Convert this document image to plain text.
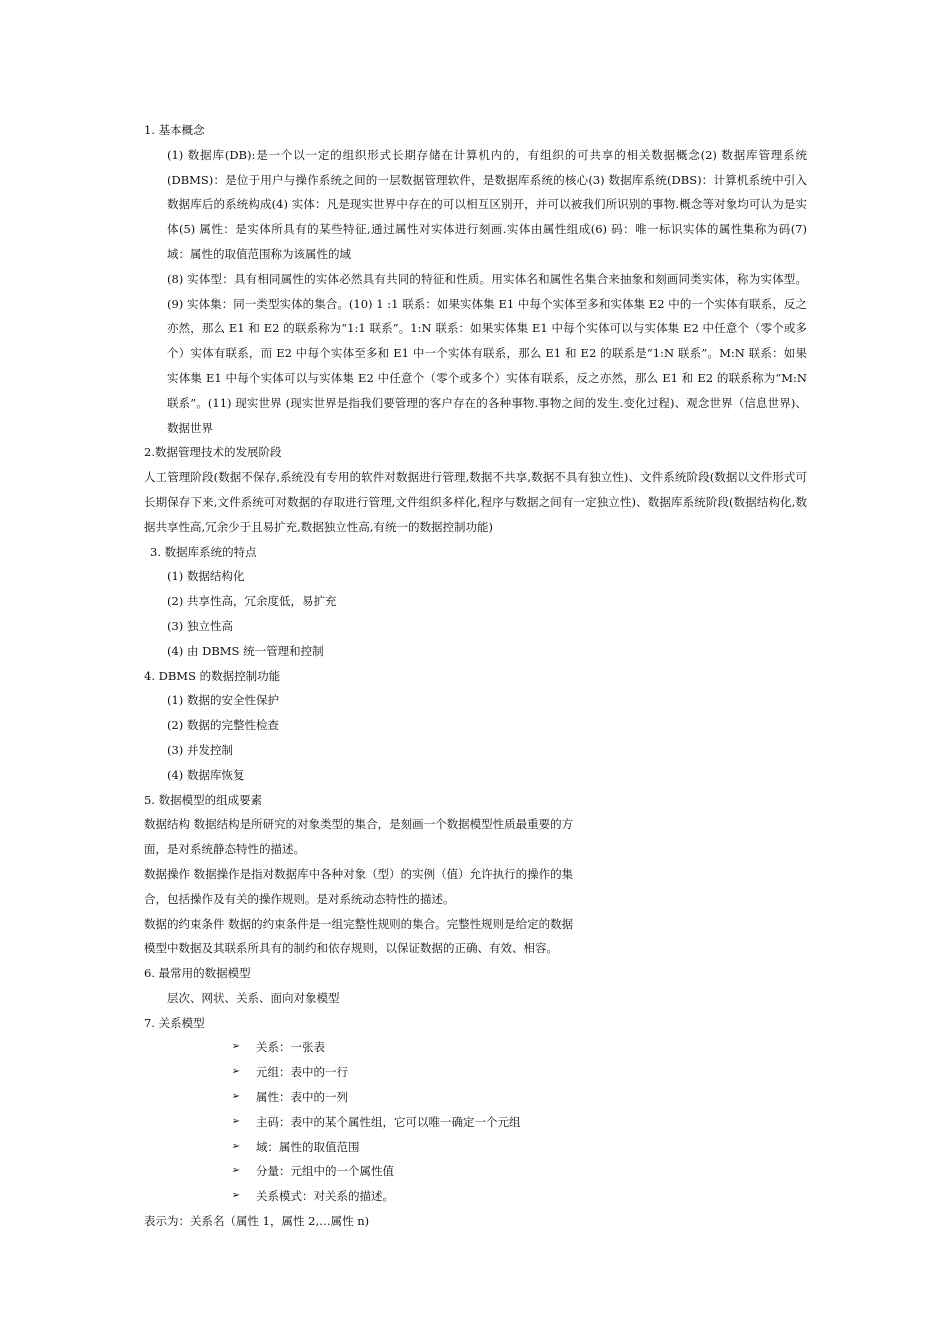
1. 基本概念
(1) 数据库(DB):是一个以一定的组织形式长期存储在计算机内的，有组织的可共享的相关数据概念(2) 数据库管理系统(DBMS)：是位于用户与操作系统之间的一层数据管理软件，是数据库系统的核心(3) 数据库系统(DBS)：计算机系统中引入数据库后的系统构成(4) 实体：凡是现实世界中存在的可以相互区别开，并可以被我们所识别的事物.概念等对象均可认为是实体(5) 属性：是实体所具有的某些特征,通过属性对实体进行刻画.实体由属性组成(6) 码：唯一标识实体的属性集称为码(7) 域：属性的取值范围称为该属性的域
(8) 实体型：具有相同属性的实体必然具有共同的特征和性质。用实体名和属性名集合来抽象和刻画同类实体，称为实体型。(9) 实体集：同一类型实体的集合。(10) 1 :1 联系：如果实体集 E1 中每个实体至多和实体集 E2 中的一个实体有联系，反之亦然，那么 E1 和 E2 的联系称为“1:1 联系”。1:N 联系：如果实体集 E1 中每个实体可以与实体集 E2 中任意个（零个或多个）实体有联系，而 E2 中每个实体至多和 E1 中一个实体有联系，那么 E1 和 E2 的联系是“1:N 联系”。M:N 联系：如果实体集 E1 中每个实体可以与实体集 E2 中任意个（零个或多个）实体有联系，反之亦然，那么 E1 和 E2 的联系称为“M:N 联系”。(11) 现实世界 (现实世界是指我们要管理的客户存在的各种事物.事物之间的发生.变化过程)、观念世界（信息世界)、数据世界
2.数据管理技术的发展阶段
人工管理阶段(数据不保存,系统没有专用的软件对数据进行管理,数据不共享,数据不具有独立性)、文件系统阶段(数据以文件形式可长期保存下来,文件系统可对数据的存取进行管理,文件组织多样化,程序与数据之间有一定独立性)、数据库系统阶段(数据结构化,数据共享性高,冗余少于且易扩充,数据独立性高,有统一的数据控制功能)
3. 数据库系统的特点
(1) 数据结构化
(2) 共享性高，冗余度低，易扩充
(3) 独立性高
(4) 由 DBMS 统一管理和控制
4. DBMS 的数据控制功能
(1) 数据的安全性保护
(2) 数据的完整性检查
(3) 并发控制
(4) 数据库恢复
5. 数据模型的组成要素
数据结构 数据结构是所研究的对象类型的集合，是刻画一个数据模型性质最重要的方
面，是对系统静态特性的描述。
数据操作 数据操作是指对数据库中各种对象（型）的实例（值）允许执行的操作的集
合，包括操作及有关的操作规则。是对系统动态特性的描述。
数据的约束条件 数据的约束条件是一组完整性规则的集合。完整性规则是给定的数据
模型中数据及其联系所具有的制约和依存规则，以保证数据的正确、有效、相容。
6. 最常用的数据模型
层次、网状、关系、面向对象模型
7. 关系模型
➢ 关系：一张表
➢ 元组：表中的一行
➢ 属性：表中的一列
➢ 主码：表中的某个属性组，它可以唯一确定一个元组
➢ 域：属性的取值范围
➢ 分量：元组中的一个属性值
➢ 关系模式：对关系的描述。
表示为：关系名（属性 1，属性 2,…属性 n)
